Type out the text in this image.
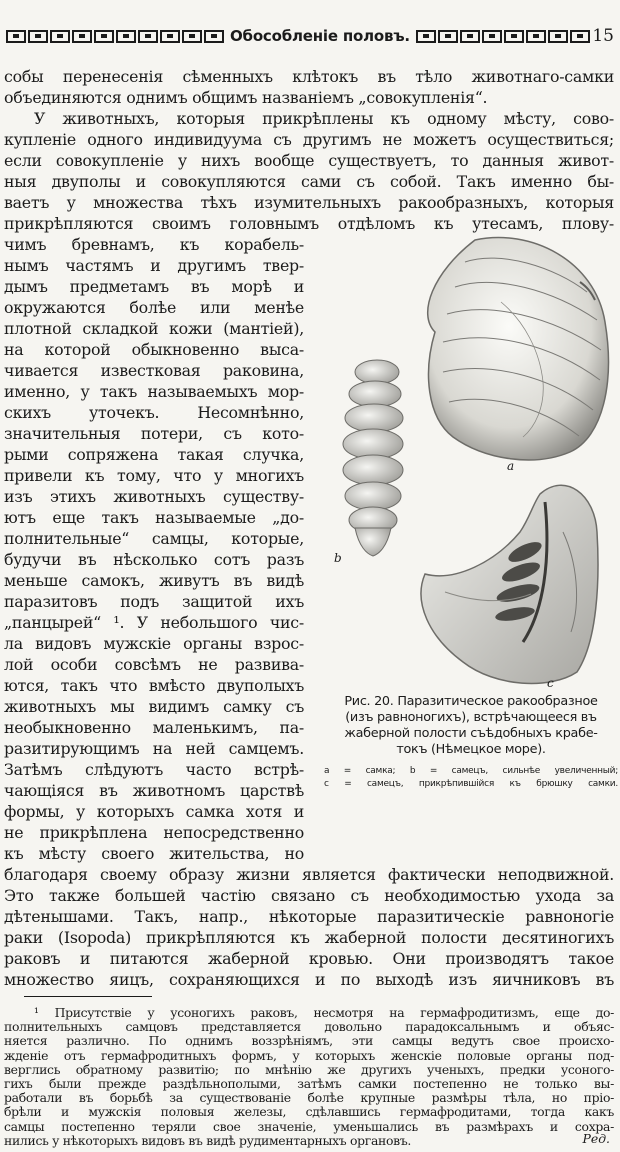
Обособленіе половъ.	15
собы перенесенія сѣменныхъ клѣтокъ въ тѣло животнаго-самки
объединяются однимъ общимъ названіемъ „совокупленія“.
У животныхъ, которыя прикрѣплены къ одному мѣсту, сово-
купленіе одного индивидуума съ другимъ не можетъ осуществиться;
если совокупленіе у нихъ вообще существуетъ, то данныя живот-
ныя двуполы и совокупляются сами съ собой. Такъ именно бы-
ваетъ у множества тѣхъ изумительныхъ ракообразныхъ, которыя
прикрѣпляются своимъ головнымъ отдѣломъ къ утесамъ, плову-
чимъ бревнамъ, къ корабель-
нымъ частямъ и другимъ твер-
дымъ предметамъ въ морѣ и
окружаются болѣе или менѣе
плотной складкой кожи (мантіей),
на которой обыкновенно выса-
чивается известковая раковина,
именно, у такъ называемыхъ мор-
скихъ уточекъ. Несомнѣнно,
значительныя потери, съ кото-
рыми сопряжена такая случка,
привели къ тому, что у многихъ
изъ этихъ животныхъ существу-
ютъ еще такъ называемые „до-
полнительные“ самцы, которые,
будучи въ нѣсколько сотъ разъ
меньше самокъ, живутъ въ видѣ
паразитовъ подъ защитой ихъ
„панцырей“ ¹. У небольшого чис-
ла видовъ мужскіе органы взрос-
лой особи совсѣмъ не развива-
ются, такъ что вмѣсто двуполыхъ
животныхъ мы видимъ самку съ
необыкновенно маленькимъ, па-
разитирующимъ на ней самцемъ.
Затѣмъ слѣдуютъ часто встрѣ-
чающіяся въ животномъ царствѣ
формы, у которыхъ самка хотя и
не прикрѣплена непосредственно
къ мѣсту своего жительства, но
a
b
c
Рис. 20. Паразитическое ракообразное
(изъ равноногихъ), встрѣчающееся въ
жаберной полости съѣдобныхъ крабе-
токъ (Нѣмецкое море).
a = самка; b = самецъ, сильнѣе увеличенный;
c = самецъ, прикрѣпившійся къ брюшку самки.
благодаря своему образу жизни является фактически неподвижной.
Это также большей частію связано съ необходимостью ухода за
дѣтенышами. Такъ, напр., нѣкоторые паразитическіе равноногіе
раки (Isopoda) прикрѣпляются къ жаберной полости десятиногихъ
раковъ и питаются жаберной кровью. Они производятъ такое
множество яицъ, сохраняющихся и по выходѣ изъ яичниковъ въ
¹ Присутствіе у усоногихъ раковъ, несмотря на гермафродитизмъ, еще до-
полнительныхъ самцовъ представляется довольно парадоксальнымъ и объяс-
няется различно. По однимъ воззрѣніямъ, эти самцы ведутъ свое происхо-
жденіе отъ гермафродитныхъ формъ, у которыхъ женскіе половые органы под-
верглись обратному развитію; по мнѣнію же другихъ ученыхъ, предки усоного-
гихъ были прежде раздѣльнополыми, затѣмъ самки постепенно не только вы-
работали въ борьбѣ за существованіе болѣе крупные размѣры тѣла, но пріо-
брѣли и мужскія половыя железы, сдѣлавшись гермафродитами, тогда какъ
самцы постепенно теряли свое значеніе, уменьшались въ размѣрахъ и сохра-
нились у нѣкоторыхъ видовъ въ видѣ рудиментарныхъ органовъ.	Ред.
